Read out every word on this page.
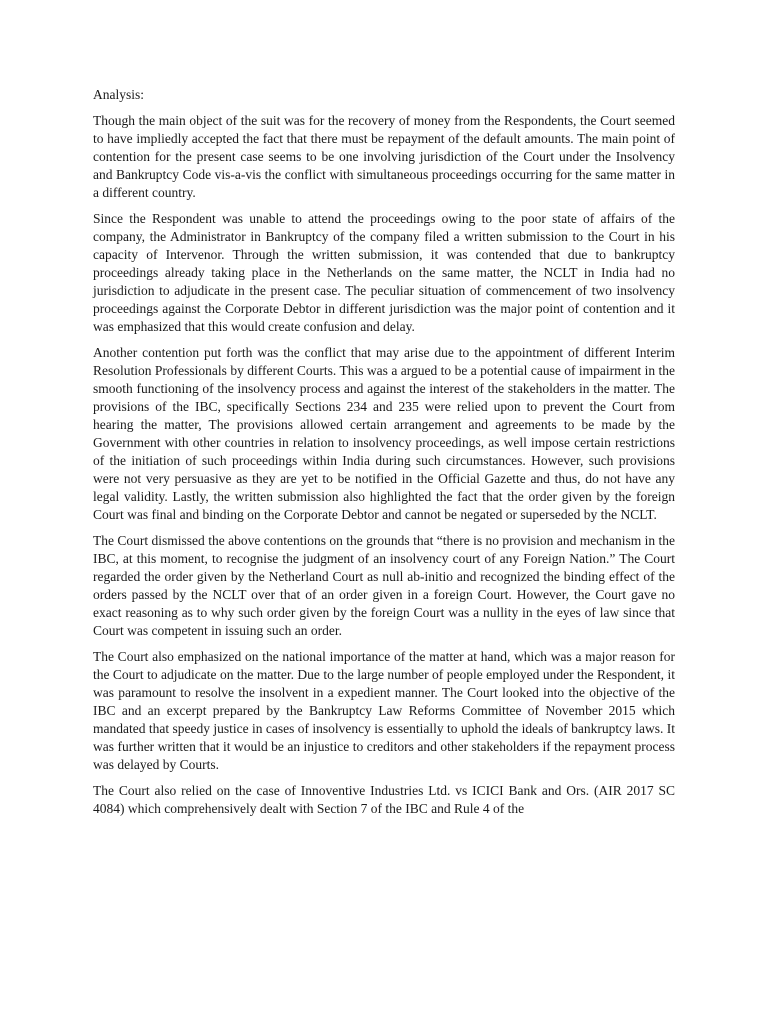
Analysis:

Though the main object of the suit was for the recovery of money from the Respondents, the Court seemed to have impliedly accepted the fact that there must be repayment of the default amounts. The main point of contention for the present case seems to be one involving jurisdiction of the Court under the Insolvency and Bankruptcy Code vis-a-vis the conflict with simultaneous proceedings occurring for the same matter in a different country.

Since the Respondent was unable to attend the proceedings owing to the poor state of affairs of the company, the Administrator in Bankruptcy of the company filed a written submission to the Court in his capacity of Intervenor. Through the written submission, it was contended that due to bankruptcy proceedings already taking place in the Netherlands on the same matter, the NCLT in India had no jurisdiction to adjudicate in the present case. The peculiar situation of commencement of two insolvency proceedings against the Corporate Debtor in different jurisdiction was the major point of contention and it was emphasized that this would create confusion and delay.

Another contention put forth was the conflict that may arise due to the appointment of different Interim Resolution Professionals by different Courts. This was a argued to be a potential cause of impairment in the smooth functioning of the insolvency process and against the interest of the stakeholders in the matter. The provisions of the IBC, specifically Sections 234 and 235 were relied upon to prevent the Court from hearing the matter, The provisions allowed certain arrangement and agreements to be made by the Government with other countries in relation to insolvency proceedings, as well impose certain restrictions of the initiation of such proceedings within India during such circumstances. However, such provisions were not very persuasive as they are yet to be notified in the Official Gazette and thus, do not have any legal validity. Lastly, the written submission also highlighted the fact that the order given by the foreign Court was final and binding on the Corporate Debtor and cannot be negated or superseded by the NCLT.

The Court dismissed the above contentions on the grounds that “there is no provision and mechanism in the IBC, at this moment, to recognise the judgment of an insolvency court of any Foreign Nation.” The Court regarded the order given by the Netherland Court as null ab-initio and recognized the binding effect of the orders passed by the NCLT over that of an order given in a foreign Court. However, the Court gave no exact reasoning as to why such order given by the foreign Court was a nullity in the eyes of law since that Court was competent in issuing such an order.

The Court also emphasized on the national importance of the matter at hand, which was a major reason for the Court to adjudicate on the matter. Due to the large number of people employed under the Respondent, it was paramount to resolve the insolvent in a expedient manner. The Court looked into the objective of the IBC and an excerpt prepared by the Bankruptcy Law Reforms Committee of November 2015 which mandated that speedy justice in cases of insolvency is essentially to uphold the ideals of bankruptcy laws. It was further written that it would be an injustice to creditors and other stakeholders if the repayment process was delayed by Courts.

The Court also relied on the case of Innoventive Industries Ltd. vs ICICI Bank and Ors. (AIR 2017 SC 4084) which comprehensively dealt with Section 7 of the IBC and Rule 4 of the
